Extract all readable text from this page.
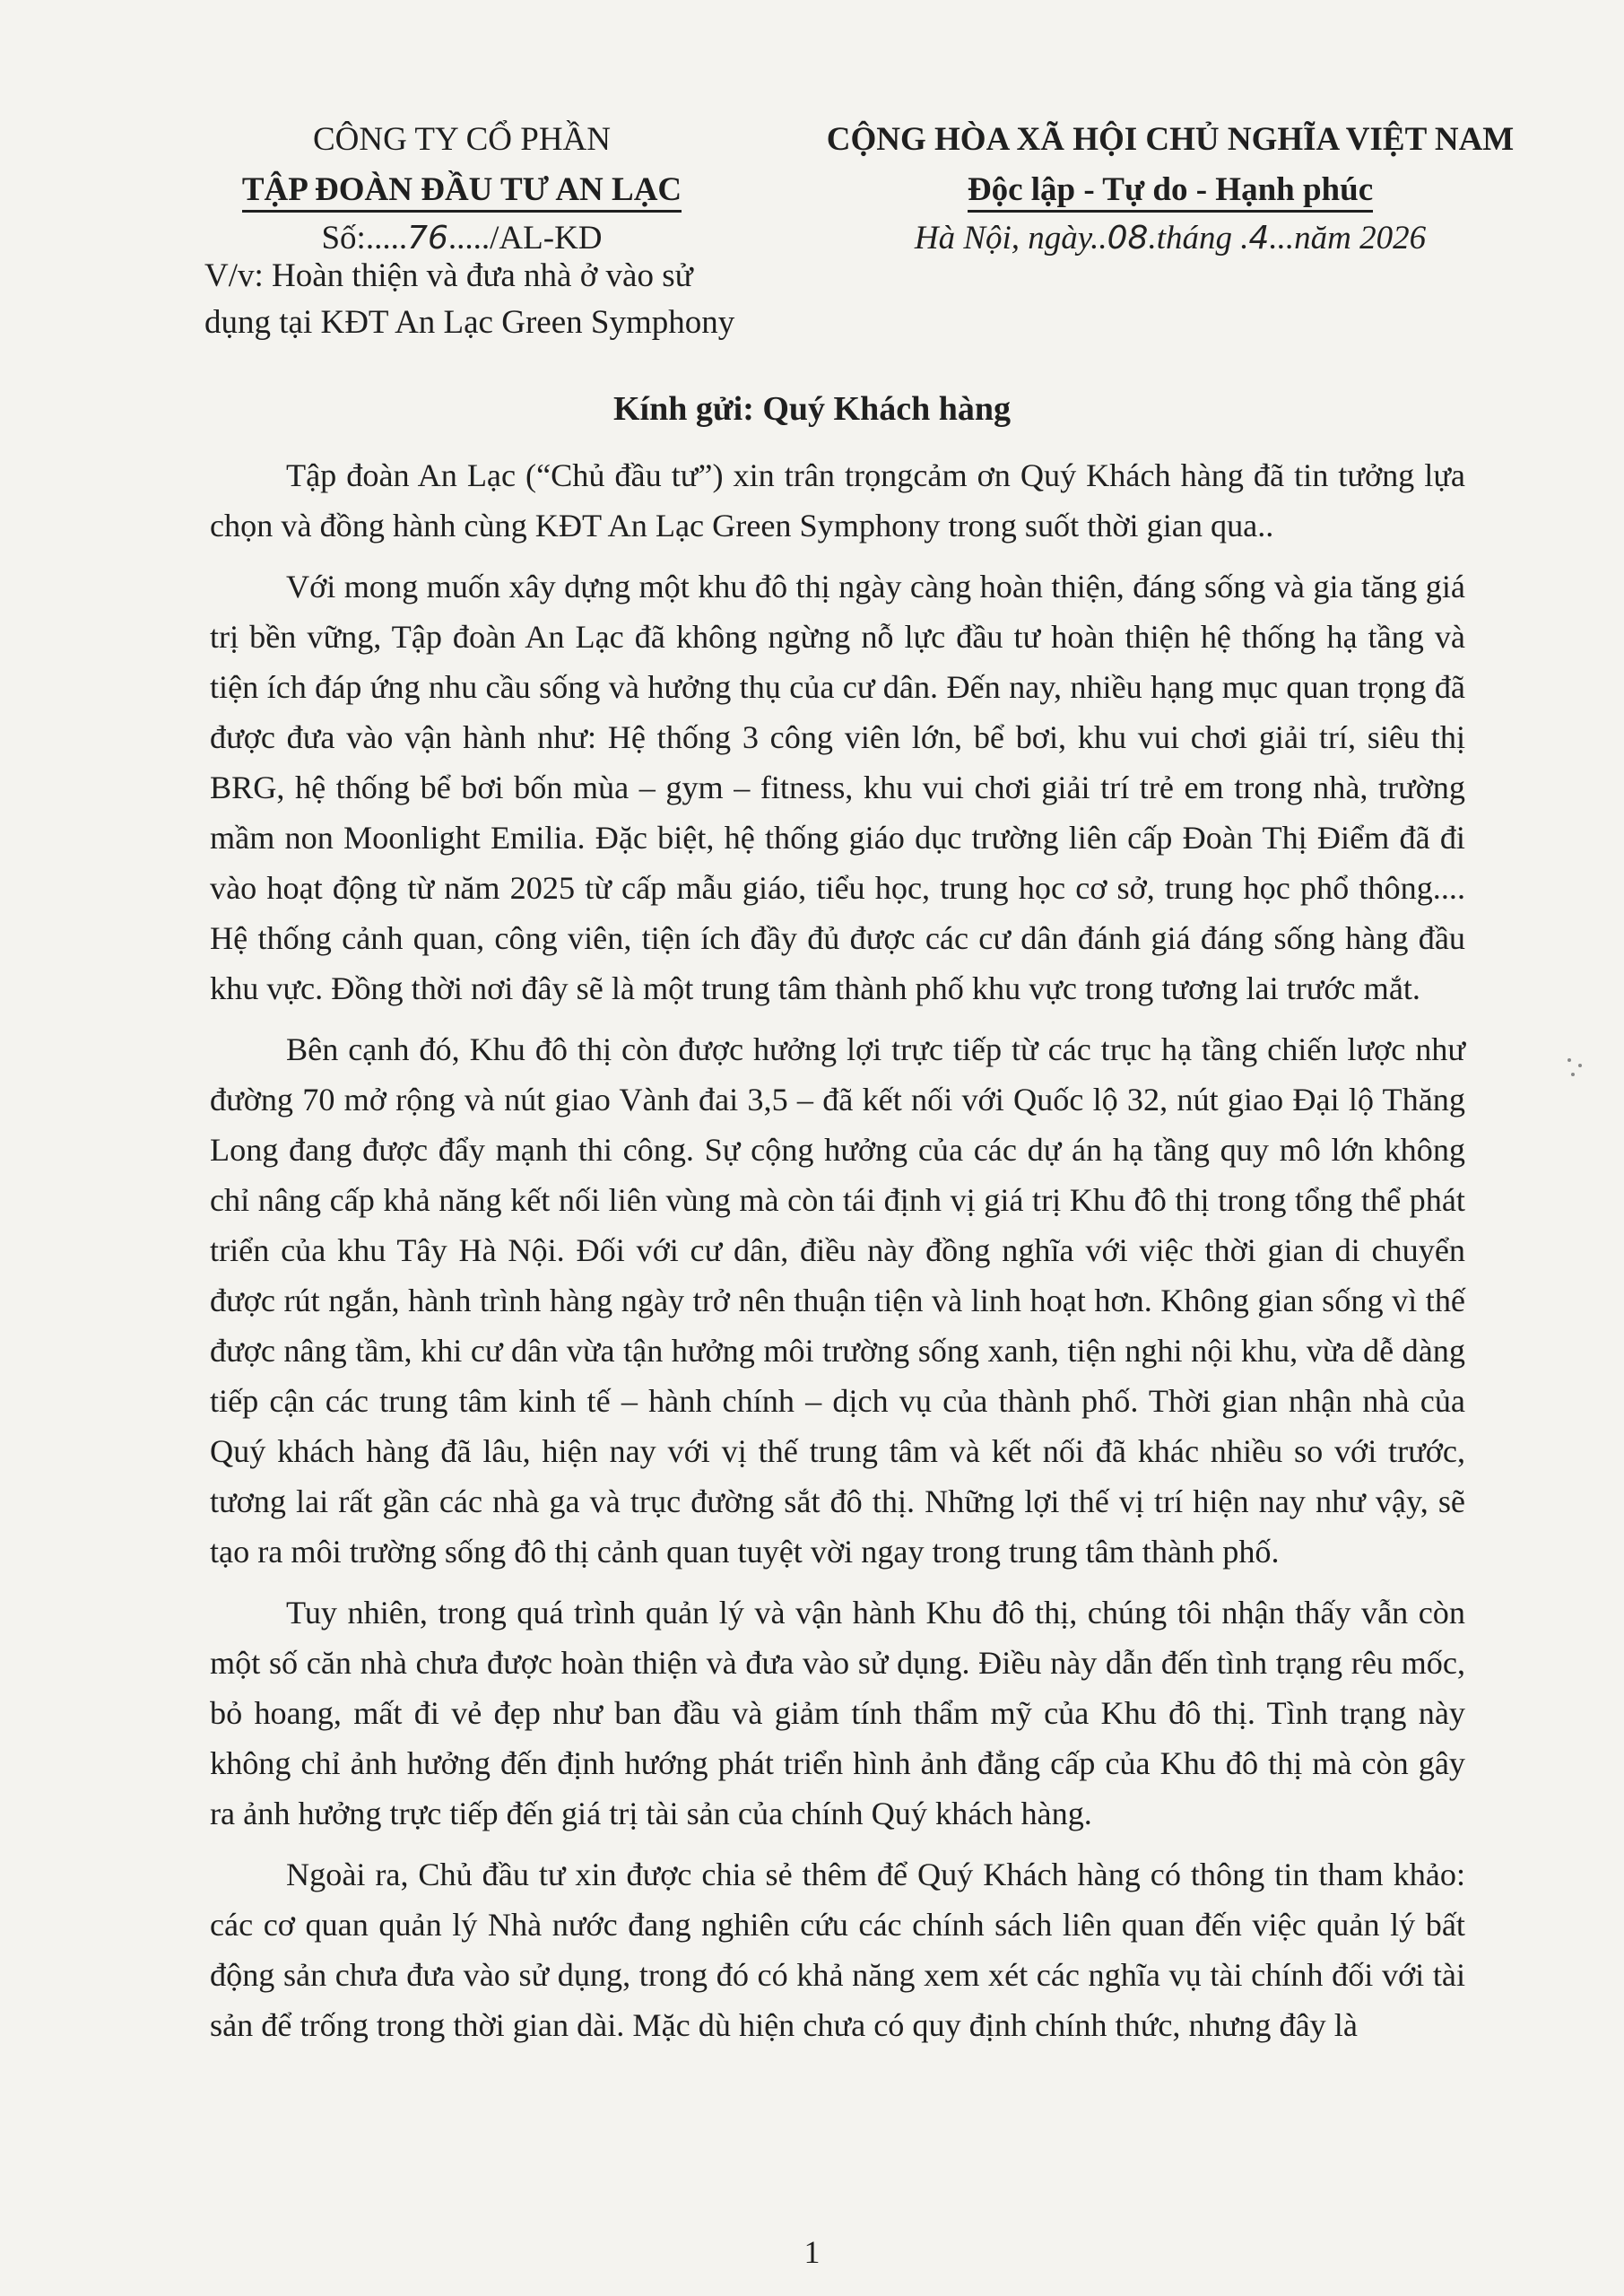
CÔNG TY CỔ PHẦN
TẬP ĐOÀN ĐẦU TƯ AN LẠC
Số:.....76...../AL-KD
V/v: Hoàn thiện và đưa nhà ở vào sử
dụng tại KĐT An Lạc Green Symphony
CỘNG HÒA XÃ HỘI CHỦ NGHĨA VIỆT NAM
Độc lập - Tự do - Hạnh phúc
Hà Nội, ngày..08.tháng .4...năm 2026
Kính gửi: Quý Khách hàng

Tập đoàn An Lạc (“Chủ đầu tư”) xin trân trọngcảm ơn Quý Khách hàng đã tin tưởng lựa chọn và đồng hành cùng KĐT An Lạc Green Symphony trong suốt thời gian qua..

Với mong muốn xây dựng một khu đô thị ngày càng hoàn thiện, đáng sống và gia tăng giá trị bền vững, Tập đoàn An Lạc đã không ngừng nỗ lực đầu tư hoàn thiện hệ thống hạ tầng và tiện ích đáp ứng nhu cầu sống và hưởng thụ của cư dân. Đến nay, nhiều hạng mục quan trọng đã được đưa vào vận hành như: Hệ thống 3 công viên lớn, bể bơi, khu vui chơi giải trí, siêu thị BRG, hệ thống bể bơi bốn mùa – gym – fitness, khu vui chơi giải trí trẻ em trong nhà, trường mầm non Moonlight Emilia. Đặc biệt, hệ thống giáo dục trường liên cấp Đoàn Thị Điểm đã đi vào hoạt động từ năm 2025 từ cấp mẫu giáo, tiểu học, trung học cơ sở, trung học phổ thông.... Hệ thống cảnh quan, công viên, tiện ích đầy đủ được các cư dân đánh giá đáng sống hàng đầu khu vực. Đồng thời nơi đây sẽ là một trung tâm thành phố khu vực trong tương lai trước mắt.

Bên cạnh đó, Khu đô thị còn được hưởng lợi trực tiếp từ các trục hạ tầng chiến lược như đường 70 mở rộng và nút giao Vành đai 3,5 – đã kết nối với Quốc lộ 32, nút giao Đại lộ Thăng Long đang được đẩy mạnh thi công. Sự cộng hưởng của các dự án hạ tầng quy mô lớn không chỉ nâng cấp khả năng kết nối liên vùng mà còn tái định vị giá trị Khu đô thị trong tổng thể phát triển của khu Tây Hà Nội. Đối với cư dân, điều này đồng nghĩa với việc thời gian di chuyển được rút ngắn, hành trình hàng ngày trở nên thuận tiện và linh hoạt hơn. Không gian sống vì thế được nâng tầm, khi cư dân vừa tận hưởng môi trường sống xanh, tiện nghi nội khu, vừa dễ dàng tiếp cận các trung tâm kinh tế – hành chính – dịch vụ của thành phố. Thời gian nhận nhà của Quý khách hàng đã lâu, hiện nay với vị thế trung tâm và kết nối đã khác nhiều so với trước, tương lai rất gần các nhà ga và trục đường sắt đô thị. Những lợi thế vị trí hiện nay như vậy, sẽ tạo ra môi trường sống đô thị cảnh quan tuyệt vời ngay trong trung tâm thành phố.

Tuy nhiên, trong quá trình quản lý và vận hành Khu đô thị, chúng tôi nhận thấy vẫn còn một số căn nhà chưa được hoàn thiện và đưa vào sử dụng. Điều này dẫn đến tình trạng rêu mốc, bỏ hoang, mất đi vẻ đẹp như ban đầu và giảm tính thẩm mỹ của Khu đô thị. Tình trạng này không chỉ ảnh hưởng đến định hướng phát triển hình ảnh đẳng cấp của Khu đô thị mà còn gây ra ảnh hưởng trực tiếp đến giá trị tài sản của chính Quý khách hàng.

Ngoài ra, Chủ đầu tư xin được chia sẻ thêm để Quý Khách hàng có thông tin tham khảo: các cơ quan quản lý Nhà nước đang nghiên cứu các chính sách liên quan đến việc quản lý bất động sản chưa đưa vào sử dụng, trong đó có khả năng xem xét các nghĩa vụ tài chính đối với tài sản để trống trong thời gian dài. Mặc dù hiện chưa có quy định chính thức, nhưng đây là

1
